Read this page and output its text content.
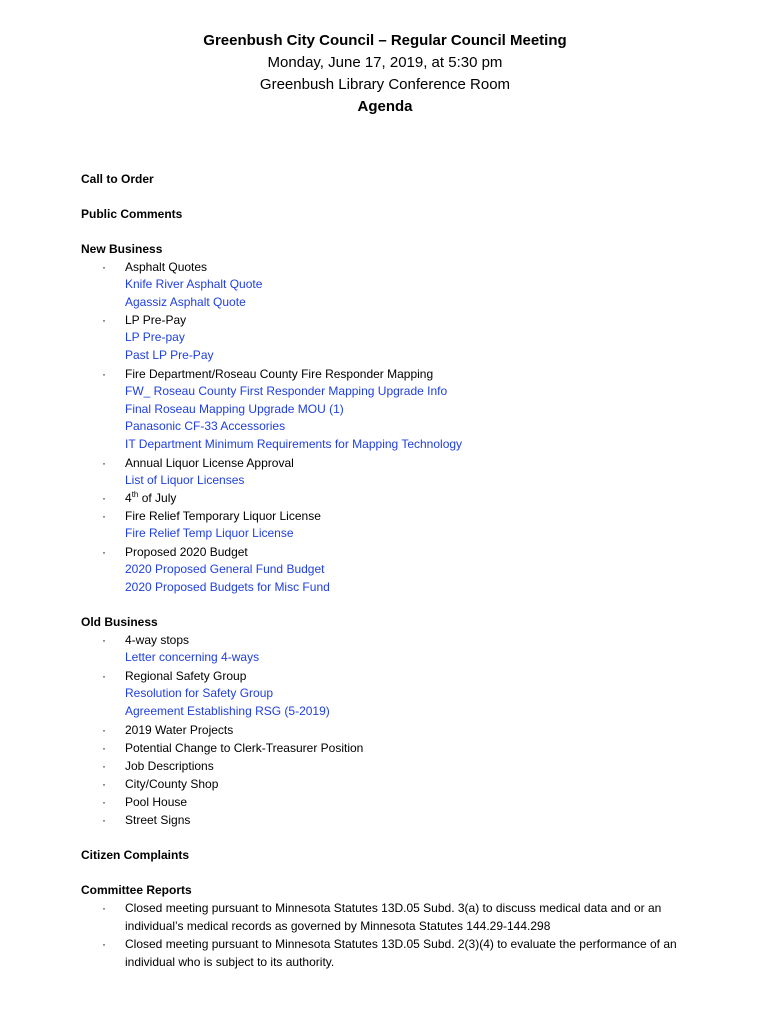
Greenbush City Council – Regular Council Meeting
Monday, June 17, 2019, at 5:30 pm
Greenbush Library Conference Room
Agenda
Call to Order
Public Comments
New Business
·	Asphalt Quotes
Knife River Asphalt Quote
Agassiz Asphalt Quote
·	LP Pre-Pay
LP Pre-pay
Past LP Pre-Pay
·	Fire Department/Roseau County Fire Responder Mapping
FW_ Roseau County First Responder Mapping Upgrade Info
Final Roseau Mapping Upgrade MOU (1)
Panasonic CF-33 Accessories
IT Department Minimum Requirements for Mapping Technology
·	Annual Liquor License Approval
List of Liquor Licenses
·	4th of July
·	Fire Relief Temporary Liquor License
Fire Relief Temp Liquor License
·	Proposed 2020 Budget
2020 Proposed General Fund Budget
2020 Proposed Budgets for Misc Fund
Old Business
·	4-way stops
Letter concerning 4-ways
·	Regional Safety Group
Resolution for Safety Group
Agreement Establishing RSG (5-2019)
·	2019 Water Projects
·	Potential Change to Clerk-Treasurer Position
·	Job Descriptions
·	City/County Shop
·	Pool House
·	Street Signs
Citizen Complaints
Committee Reports
·	Closed meeting pursuant to Minnesota Statutes 13D.05 Subd. 3(a) to discuss medical data and or an individual’s medical records as governed by Minnesota Statutes 144.29-144.298
·	Closed meeting pursuant to Minnesota Statutes 13D.05 Subd. 2(3)(4) to evaluate the performance of an individual who is subject to its authority.
